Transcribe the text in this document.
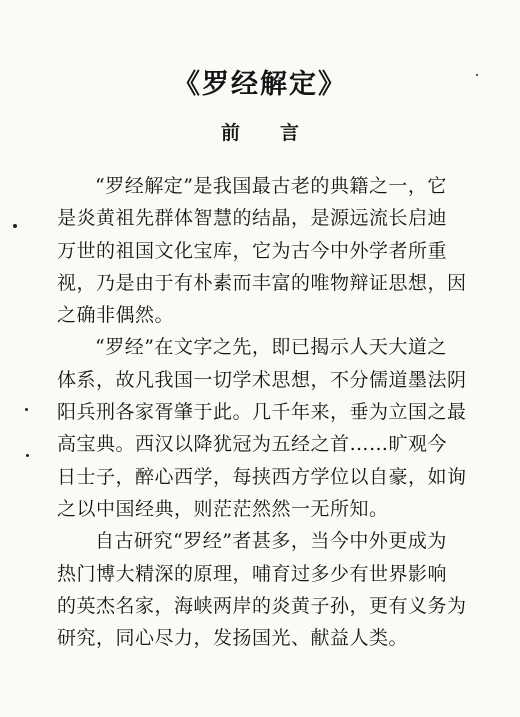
《罗经解定》
前言
“罗经解定”是我国最古老的典籍之一，它
是炎黄祖先群体智慧的结晶，是源远流长启迪
万世的祖国文化宝库，它为古今中外学者所重
视，乃是由于有朴素而丰富的唯物辩证思想，因
之确非偶然。
“罗经”在文字之先，即已揭示人天大道之
体系，故凡我国一切学术思想，不分儒道墨法阴
阳兵刑各家胥肇于此。几千年来，垂为立国之最
高宝典。西汉以降犹冠为五经之首……旷观今
日士子，醉心西学，每挟西方学位以自豪，如询
之以中国经典，则茫茫然然一无所知。
自古研究“罗经”者甚多，当今中外更成为
热门博大精深的原理，哺育过多少有世界影响
的英杰名家，海峡两岸的炎黄子孙，更有义务为
研究，同心尽力，发扬国光、献益人类。
